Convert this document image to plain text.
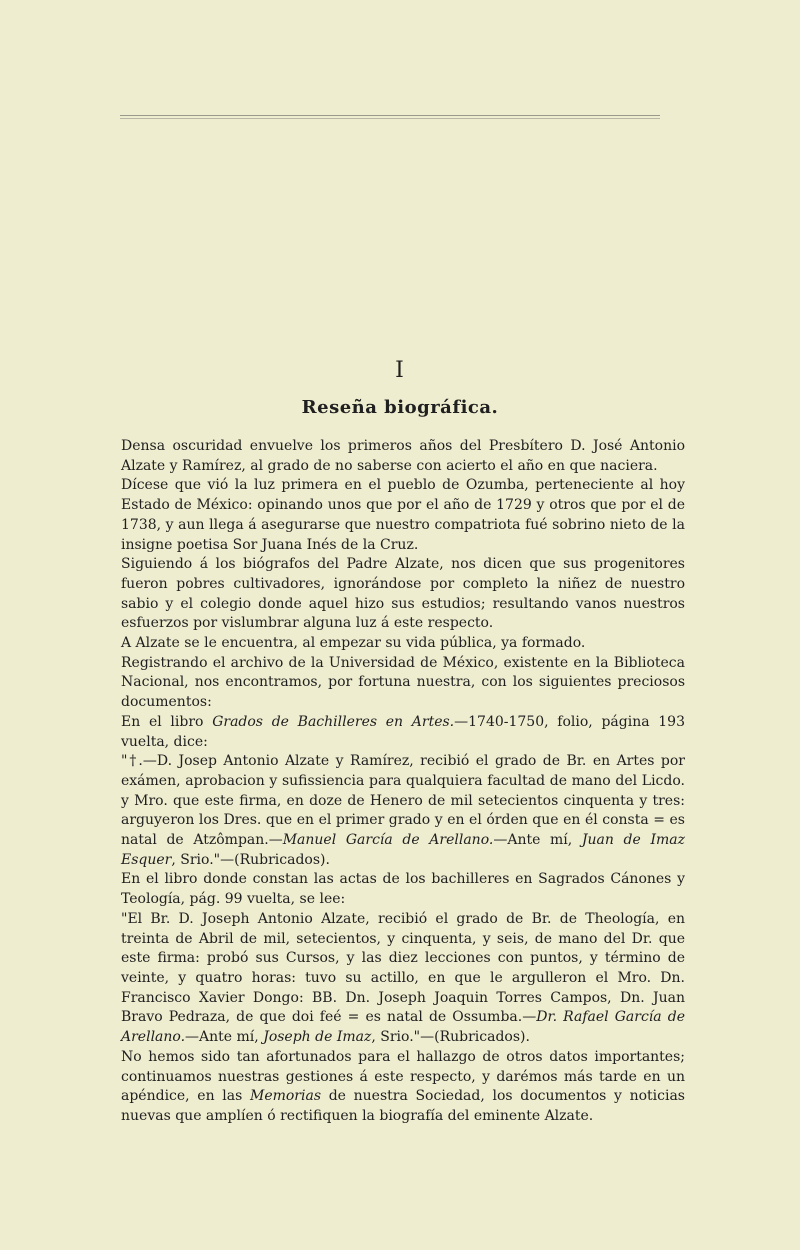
I
Reseña biográfica.

Densa oscuridad envuelve los primeros años del Presbítero D. José Antonio Alzate y Ramírez, al grado de no saberse con acierto el año en que naciera.

Dícese que vió la luz primera en el pueblo de Ozumba, perteneciente al hoy Estado de México: opinando unos que por el año de 1729 y otros que por el de 1738, y aun llega á asegurarse que nuestro compatriota fué sobrino nieto de la insigne poetisa Sor Juana Inés de la Cruz.

Siguiendo á los biógrafos del Padre Alzate, nos dicen que sus progenitores fueron pobres cultivadores, ignorándose por completo la niñez de nuestro sabio y el colegio donde aquel hizo sus estudios; resultando vanos nuestros esfuerzos por vislumbrar alguna luz á este respecto.

A Alzate se le encuentra, al empezar su vida pública, ya formado.

Registrando el archivo de la Universidad de México, existente en la Biblioteca Nacional, nos encontramos, por fortuna nuestra, con los siguientes preciosos documentos:

En el libro Grados de Bachilleres en Artes.—1740-1750, folio, página 193 vuelta, dice:

"†.—D. Josep Antonio Alzate y Ramírez, recibió el grado de Br. en Artes por exámen, aprobacion y sufissiencia para qualquiera facultad de mano del Licdo. y Mro. que este firma, en doze de Henero de mil setecientos cinquenta y tres: arguyeron los Dres. que en el primer grado y en el órden que en él consta = es natal de Atzômpan.—Manuel García de Arellano.—Ante mí, Juan de Imaz Esquer, Srio."—(Rubricados).

En el libro donde constan las actas de los bachilleres en Sagrados Cánones y Teología, pág. 99 vuelta, se lee:

"El Br. D. Joseph Antonio Alzate, recibió el grado de Br. de Theología, en treinta de Abril de mil, setecientos, y cinquenta, y seis, de mano del Dr. que este firma: probó sus Cursos, y las diez lecciones con puntos, y término de veinte, y quatro horas: tuvo su actillo, en que le argulleron el Mro. Dn. Francisco Xavier Dongo: BB. Dn. Joseph Joaquin Torres Campos, Dn. Juan Bravo Pedraza, de que doi feé = es natal de Ossumba.—Dr. Rafael García de Arellano.—Ante mí, Joseph de Imaz, Srio."—(Rubricados).

No hemos sido tan afortunados para el hallazgo de otros datos importantes; continuamos nuestras gestiones á este respecto, y darémos más tarde en un apéndice, en las Memorias de nuestra Sociedad, los documentos y noticias nuevas que amplíen ó rectifiquen la biografía del eminente Alzate.
